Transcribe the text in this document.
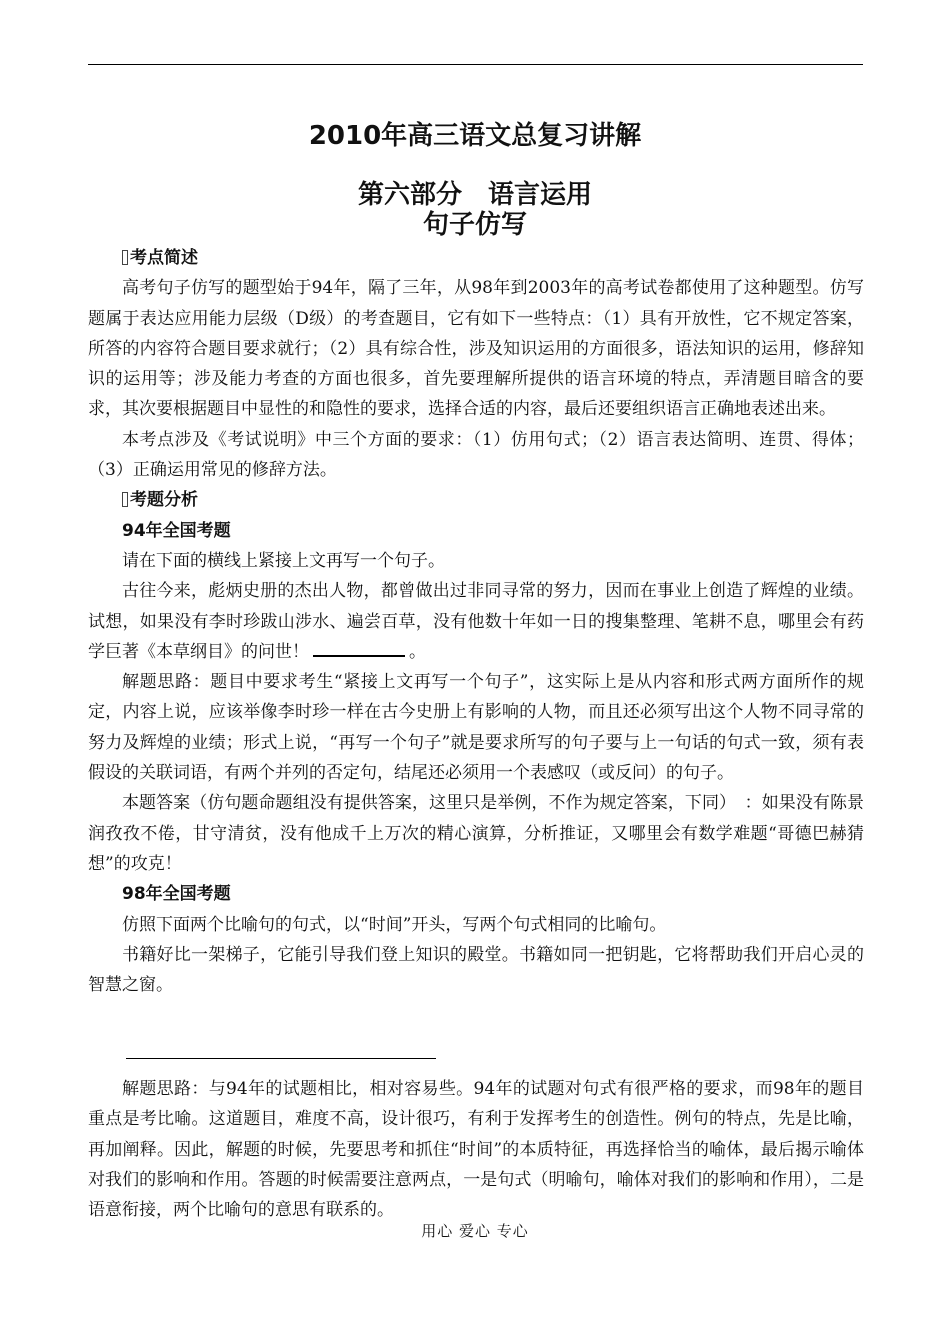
2010年高三语文总复习讲解
第六部分　语言运用
句子仿写

考点简述

高考句子仿写的题型始于94年，隔了三年，从98年到2003年的高考试卷都使用了这种题型。仿写题属于表达应用能力层级（D级）的考查题目，它有如下一些特点：（1）具有开放性，它不规定答案，所答的内容符合题目要求就行；（2）具有综合性，涉及知识运用的方面很多，语法知识的运用，修辞知识的运用等；涉及能力考查的方面也很多，首先要理解所提供的语言环境的特点，弄清题目暗含的要求，其次要根据题目中显性的和隐性的要求，选择合适的内容，最后还要组织语言正确地表述出来。

本考点涉及《考试说明》中三个方面的要求：（1）仿用句式；（2）语言表达简明、连贯、得体；（3）正确运用常见的修辞方法。

考题分析

94年全国考题

请在下面的横线上紧接上文再写一个句子。

古往今来，彪炳史册的杰出人物，都曾做出过非同寻常的努力，因而在事业上创造了辉煌的业绩。试想，如果没有李时珍跋山涉水、遍尝百草，没有他数十年如一日的搜集整理、笔耕不息，哪里会有药学巨著《本草纲目》的问世！	。

解题思路：题目中要求考生“紧接上文再写一个句子”，这实际上是从内容和形式两方面所作的规定，内容上说，应该举像李时珍一样在古今史册上有影响的人物，而且还必须写出这个人物不同寻常的努力及辉煌的业绩；形式上说，“再写一个句子”就是要求所写的句子要与上一句话的句式一致，须有表假设的关联词语，有两个并列的否定句，结尾还必须用一个表感叹（或反问）的句子。

本题答案（仿句题命题组没有提供答案，这里只是举例，不作为规定答案，下同）　：如果没有陈景润孜孜不倦，甘守清贫，没有他成千上万次的精心演算，分析推证，又哪里会有数学难题“哥德巴赫猜想”的攻克！

98年全国考题

仿照下面两个比喻句的句式，以“时间”开头，写两个句式相同的比喻句。

书籍好比一架梯子，它能引导我们登上知识的殿堂。书籍如同一把钥匙，它将帮助我们开启心灵的智慧之窗。

解题思路：与94年的试题相比，相对容易些。94年的试题对句式有很严格的要求，而98年的题目重点是考比喻。这道题目，难度不高，设计很巧，有利于发挥考生的创造性。例句的特点，先是比喻，再加阐释。因此，解题的时候，先要思考和抓住“时间”的本质特征，再选择恰当的喻体，最后揭示喻体对我们的影响和作用。答题的时候需要注意两点，一是句式（明喻句，喻体对我们的影响和作用），二是语意衔接，两个比喻句的意思有联系的。

用心 爱心 专心
